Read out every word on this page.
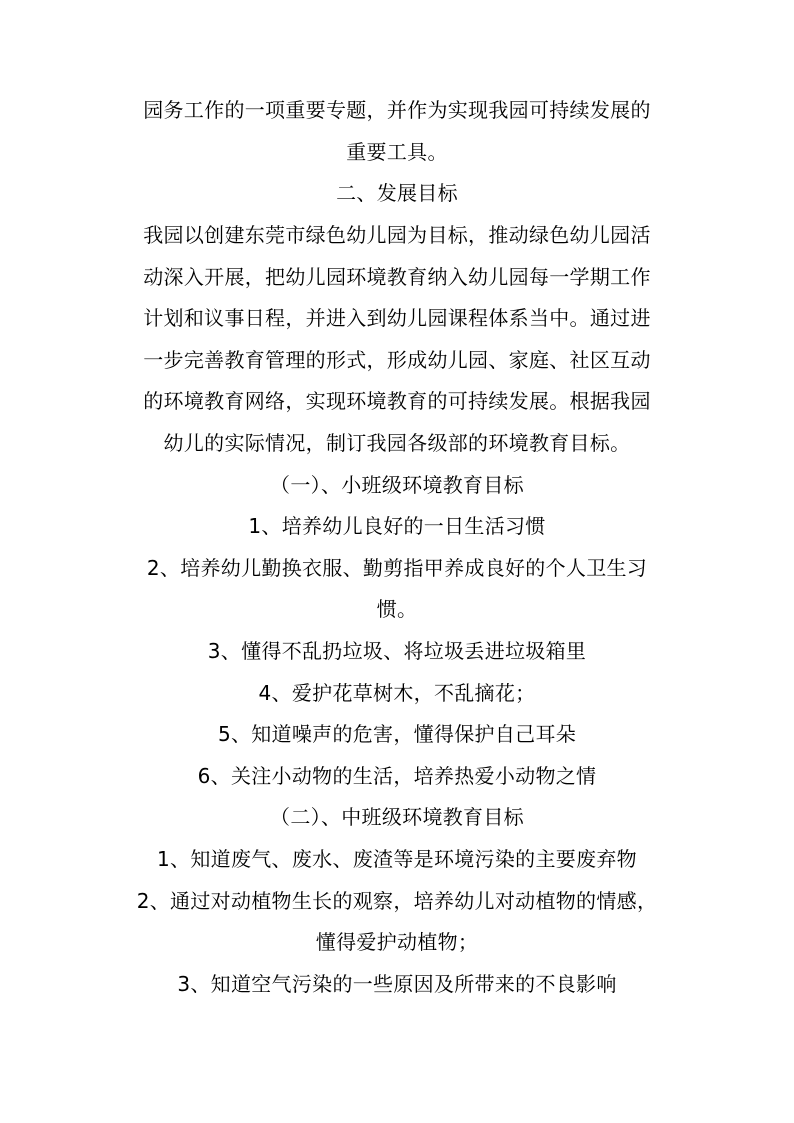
园务工作的一项重要专题，并作为实现我园可持续发展的
重要工具。
二、发展目标
我园以创建东莞市绿色幼儿园为目标，推动绿色幼儿园活
动深入开展，把幼儿园环境教育纳入幼儿园每一学期工作
计划和议事日程，并进入到幼儿园课程体系当中。通过进
一步完善教育管理的形式，形成幼儿园、家庭、社区互动
的环境教育网络，实现环境教育的可持续发展。根据我园
幼儿的实际情况，制订我园各级部的环境教育目标。
（一）、小班级环境教育目标
1、培养幼儿良好的一日生活习惯
2、培养幼儿勤换衣服、勤剪指甲养成良好的个人卫生习
惯。
3、懂得不乱扔垃圾、将垃圾丢进垃圾箱里
4、爱护花草树木，不乱摘花；
5、知道噪声的危害，懂得保护自己耳朵
6、关注小动物的生活，培养热爱小动物之情
（二）、中班级环境教育目标
1、知道废气、废水、废渣等是环境污染的主要废弃物
2、通过对动植物生长的观察，培养幼儿对动植物的情感，
懂得爱护动植物；
3、知道空气污染的一些原因及所带来的不良影响
